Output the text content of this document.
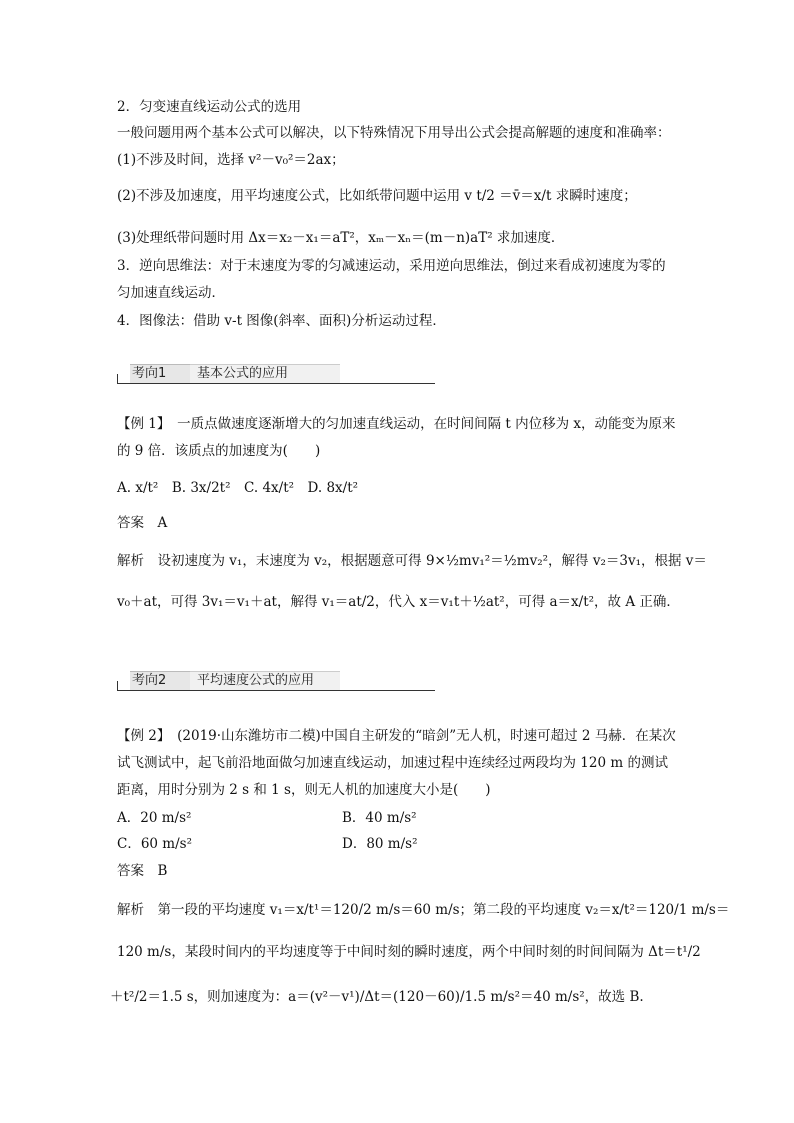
2．匀变速直线运动公式的选用
一般问题用两个基本公式可以解决，以下特殊情况下用导出公式会提高解题的速度和准确率：
(1)不涉及时间，选择 v²－v₀²＝2ax；
(2)不涉及加速度，用平均速度公式，比如纸带问题中运用 v t/2 ＝v̄＝x/t 求瞬时速度；
(3)处理纸带问题时用 Δx＝x₂－x₁＝aT²，xₘ－xₙ＝(m－n)aT² 求加速度．
3．逆向思维法：对于末速度为零的匀减速运动，采用逆向思维法，倒过来看成初速度为零的
匀加速直线运动．
4．图像法：借助 v-t 图像(斜率、面积)分析运动过程．
考向1 基本公式的应用
【例 1】　一质点做速度逐渐增大的匀加速直线运动，在时间间隔 t 内位移为 x，动能变为原来
的 9 倍．该质点的加速度为(　　)
A. x/t²　B. 3x/2t²　C. 4x/t²　D. 8x/t²
答案　A
解析　设初速度为 v₁，末速度为 v₂，根据题意可得 9×½mv₁²＝½mv₂²，解得 v₂＝3v₁，根据 v＝
v₀＋at，可得 3v₁＝v₁＋at，解得 v₁＝at/2，代入 x＝v₁t＋½at²，可得 a＝x/t²，故 A 正确．
考向2 平均速度公式的应用
【例 2】　(2019·山东潍坊市二模)中国自主研发的“暗剑”无人机，时速可超过 2 马赫．在某次
试飞测试中，起飞前沿地面做匀加速直线运动，加速过程中连续经过两段均为 120 m 的测试
距离，用时分别为 2 s 和 1 s，则无人机的加速度大小是(　　)
A．20 m/s²	B．40 m/s²
C．60 m/s²	D．80 m/s²
答案　B
解析　第一段的平均速度 v₁＝x/t¹＝120/2 m/s＝60 m/s；第二段的平均速度 v₂＝x/t²＝120/1 m/s＝
120 m/s，某段时间内的平均速度等于中间时刻的瞬时速度，两个中间时刻的时间间隔为 Δt＝t¹/2
＋t²/2＝1.5 s，则加速度为：a＝(v²－v¹)/Δt＝(120－60)/1.5 m/s²＝40 m/s²，故选 B.
